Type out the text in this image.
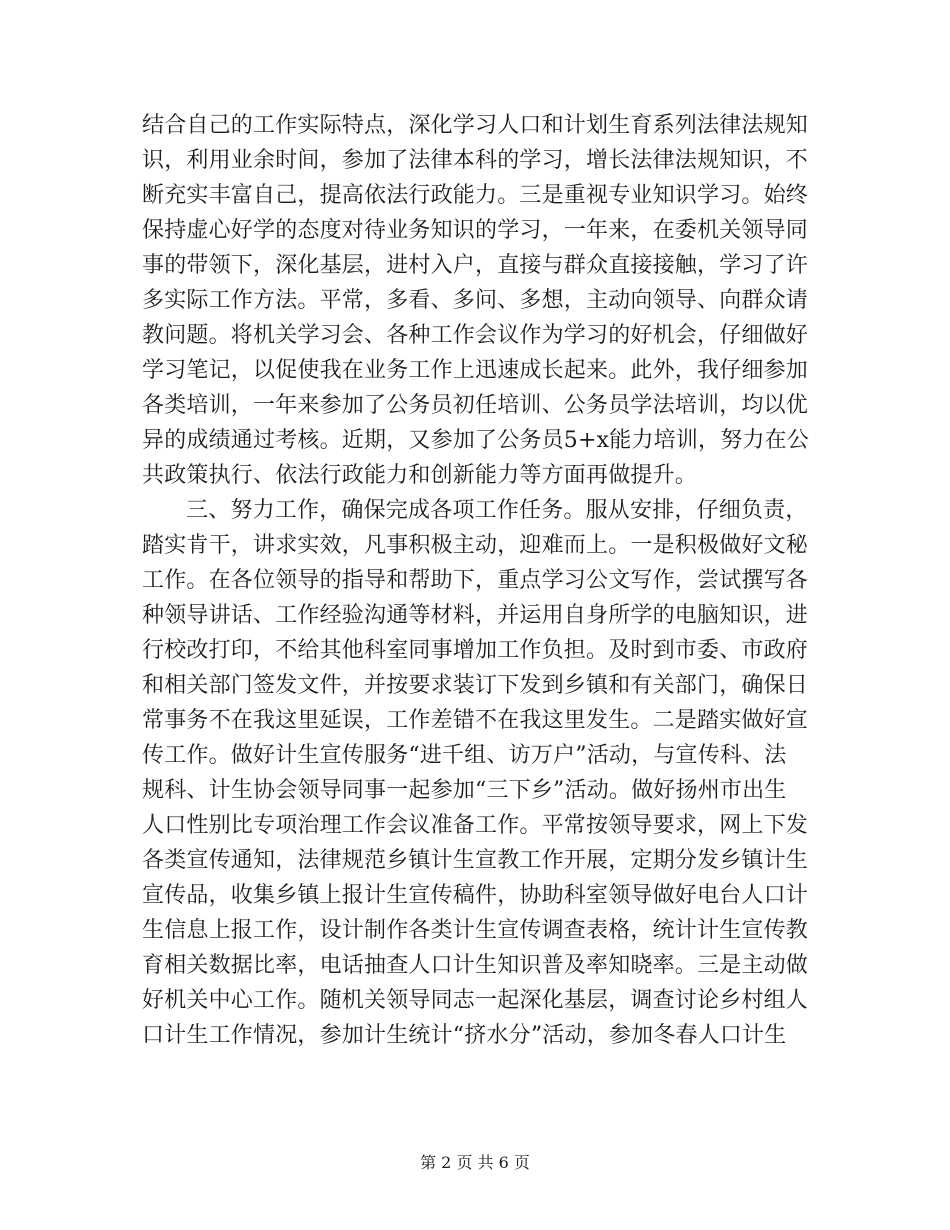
结合自己的工作实际特点，深化学习人口和计划生育系列法律法规知
识，利用业余时间，参加了法律本科的学习，增长法律法规知识，不
断充实丰富自己，提高依法行政能力。三是重视专业知识学习。始终
保持虚心好学的态度对待业务知识的学习，一年来，在委机关领导同
事的带领下，深化基层，进村入户，直接与群众直接接触，学习了许
多实际工作方法。平常，多看、多问、多想，主动向领导、向群众请
教问题。将机关学习会、各种工作会议作为学习的好机会，仔细做好
学习笔记，以促使我在业务工作上迅速成长起来。此外，我仔细参加
各类培训，一年来参加了公务员初任培训、公务员学法培训，均以优
异的成绩通过考核。近期，又参加了公务员5+x能力培训，努力在公
共政策执行、依法行政能力和创新能力等方面再做提升。
三、努力工作，确保完成各项工作任务。服从安排，仔细负责，
踏实肯干，讲求实效，凡事积极主动，迎难而上。一是积极做好文秘
工作。在各位领导的指导和帮助下，重点学习公文写作，尝试撰写各
种领导讲话、工作经验沟通等材料，并运用自身所学的电脑知识，进
行校改打印，不给其他科室同事增加工作负担。及时到市委、市政府
和相关部门签发文件，并按要求装订下发到乡镇和有关部门，确保日
常事务不在我这里延误，工作差错不在我这里发生。二是踏实做好宣
传工作。做好计生宣传服务“进千组、访万户”活动，与宣传科、法
规科、计生协会领导同事一起参加“三下乡”活动。做好扬州市出生
人口性别比专项治理工作会议准备工作。平常按领导要求，网上下发
各类宣传通知，法律规范乡镇计生宣教工作开展，定期分发乡镇计生
宣传品，收集乡镇上报计生宣传稿件，协助科室领导做好电台人口计
生信息上报工作，设计制作各类计生宣传调查表格，统计计生宣传教
育相关数据比率，电话抽查人口计生知识普及率知晓率。三是主动做
好机关中心工作。随机关领导同志一起深化基层，调查讨论乡村组人
口计生工作情况，参加计生统计“挤水分”活动，参加冬春人口计生
第 2 页 共 6 页
